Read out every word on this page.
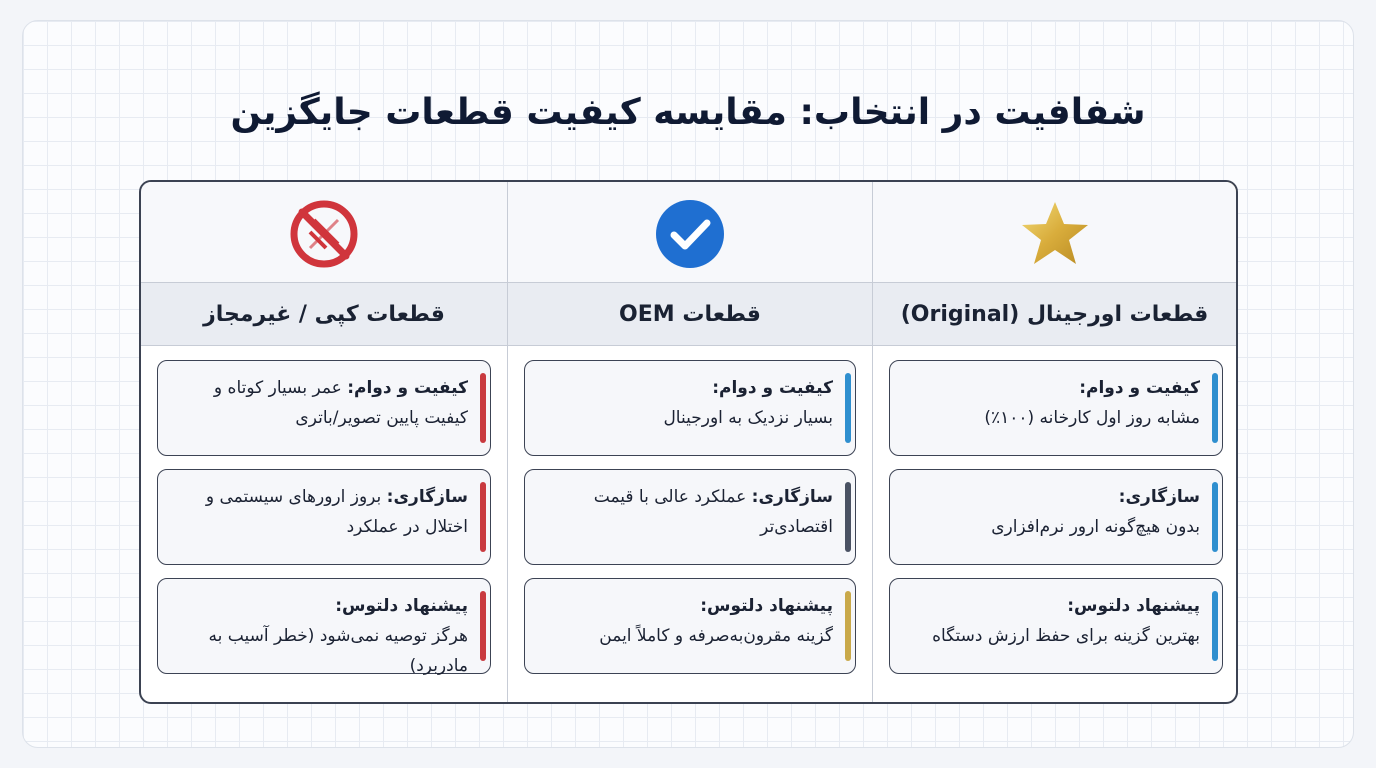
شفافیت در انتخاب: مقایسه کیفیت قطعات جایگزین
قطعات کپی / غیرمجاز
کیفیت و دوام: عمر بسیار کوتاه و کیفیت پایین تصویر/باتری
سازگاری: بروز ارورهای سیستمی و اختلال در عملکرد
پیشنهاد دلتوس:
هرگز توصیه نمی‌شود (خطر آسیب به مادربرد)
قطعات OEM
کیفیت و دوام:
بسیار نزدیک به اورجینال
سازگاری: عملکرد عالی با قیمت اقتصادی‌تر
پیشنهاد دلتوس:
گزینه مقرون‌به‌صرفه و کاملاً ایمن
قطعات اورجینال (Original)
کیفیت و دوام:
مشابه روز اول کارخانه (۱۰۰٪)
سازگاری:
بدون هیچ‌گونه ارور نرم‌افزاری
پیشنهاد دلتوس:
بهترین گزینه برای حفظ ارزش دستگاه
